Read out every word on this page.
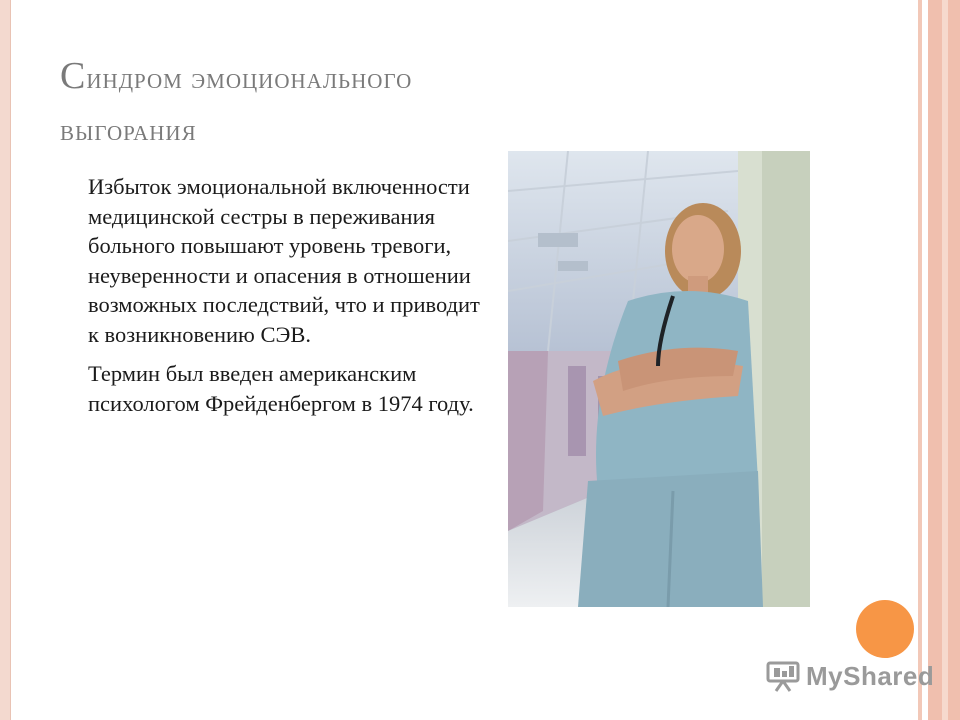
Синдром эмоционального
выгорания

Избыток эмоциональной включенности медицинской сестры в переживания больного повышают уровень тревоги, неуверенности и опасения в отношении возможных последствий, что и приводит к возникновению СЭВ.

Термин был введен американским психологом Фрейденбергом в 1974 году.

MyShared
